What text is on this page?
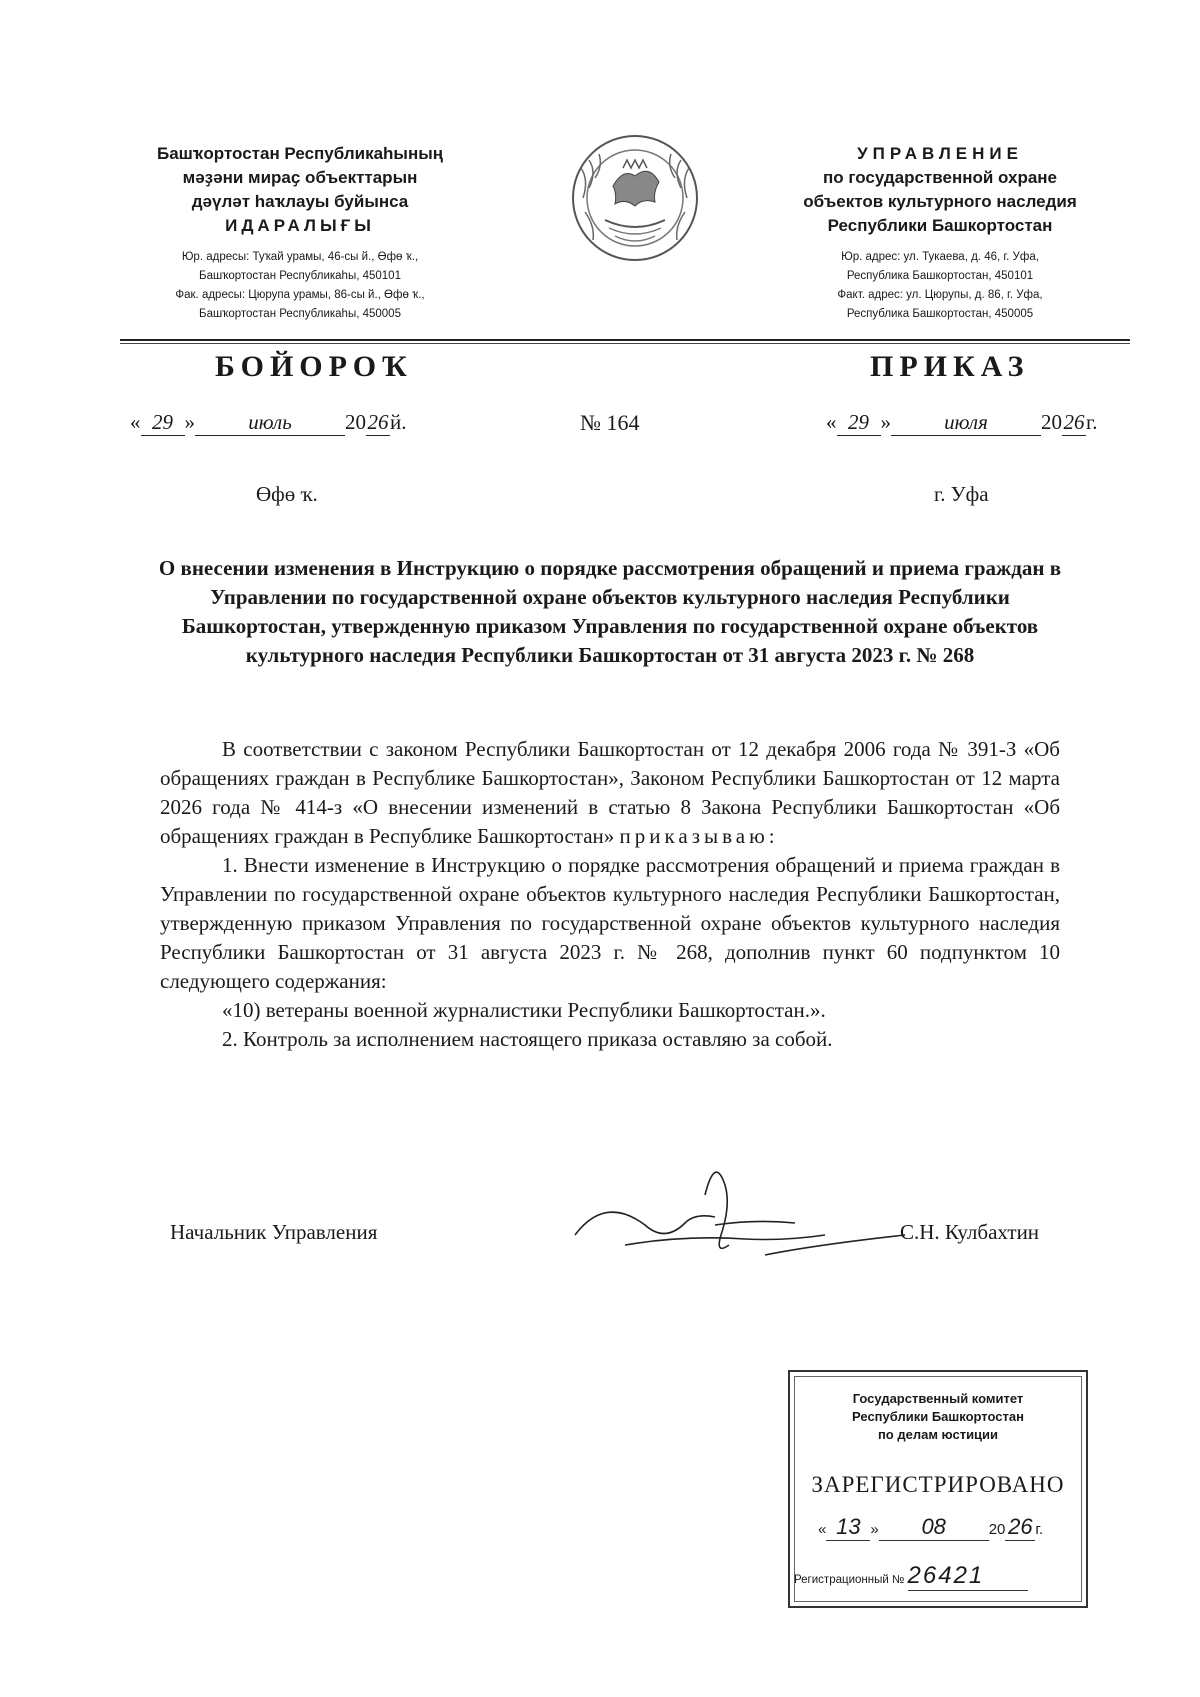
Башҡортостан Республикаһының
мәҙәни мираҫ объекттарын
дәүләт һаҡлауы буйынса
ИДАРАЛЫҒЫ
Юр. адресы: Туҡай урамы, 46-сы й., Өфө ҡ.,
Башҡортостан Республикаһы, 450101
Фак. адресы: Цюрупа урамы, 86-сы й., Өфө ҡ.,
Башҡортостан Республикаһы, 450005
УПРАВЛЕНИЕ
по государственной охране
объектов культурного наследия
Республики Башкортостан
Юр. адрес: ул. Тукаева, д. 46, г. Уфа,
Республика Башкортостан, 450101
Факт. адрес: ул. Цюрупы, д. 86, г. Уфа,
Республика Башкортостан, 450005
БОЙОРОҠ	ПРИКАЗ
« 29 »	июль	2026й.	№ 164	« 29 »	июля	2026г.
Өфө ҡ.	г. Уфа
О внесении изменения в Инструкцию о порядке рассмотрения обращений и приема граждан в Управлении по государственной охране объектов культурного наследия Республики Башкортостан, утвержденную приказом Управления по государственной охране объектов культурного наследия Республики Башкортостан от 31 августа 2023 г. № 268

В соответствии с законом Республики Башкортостан от 12 декабря 2006 года № 391-З «Об обращениях граждан в Республике Башкортостан», Законом Республики Башкортостан от 12 марта 2026 года № 414-з «О внесении изменений в статью 8 Закона Республики Башкортостан «Об обращениях граждан в Республике Башкортостан» приказываю:

1. Внести изменение в Инструкцию о порядке рассмотрения обращений и приема граждан в Управлении по государственной охране объектов культурного наследия Республики Башкортостан, утвержденную приказом Управления по государственной охране объектов культурного наследия Республики Башкортостан от 31 августа 2023 г. № 268, дополнив пункт 60 подпунктом 10 следующего содержания:

«10) ветераны военной журналистики Республики Башкортостан.».

2. Контроль за исполнением настоящего приказа оставляю за собой.

Начальник Управления	С.Н. Кулбахтин
Государственный комитет
Республики Башкортостан
по делам юстиции
ЗАРЕГИСТРИРОВАНО
« 13 » 08	20 26 г.
Регистрационный № 26421
